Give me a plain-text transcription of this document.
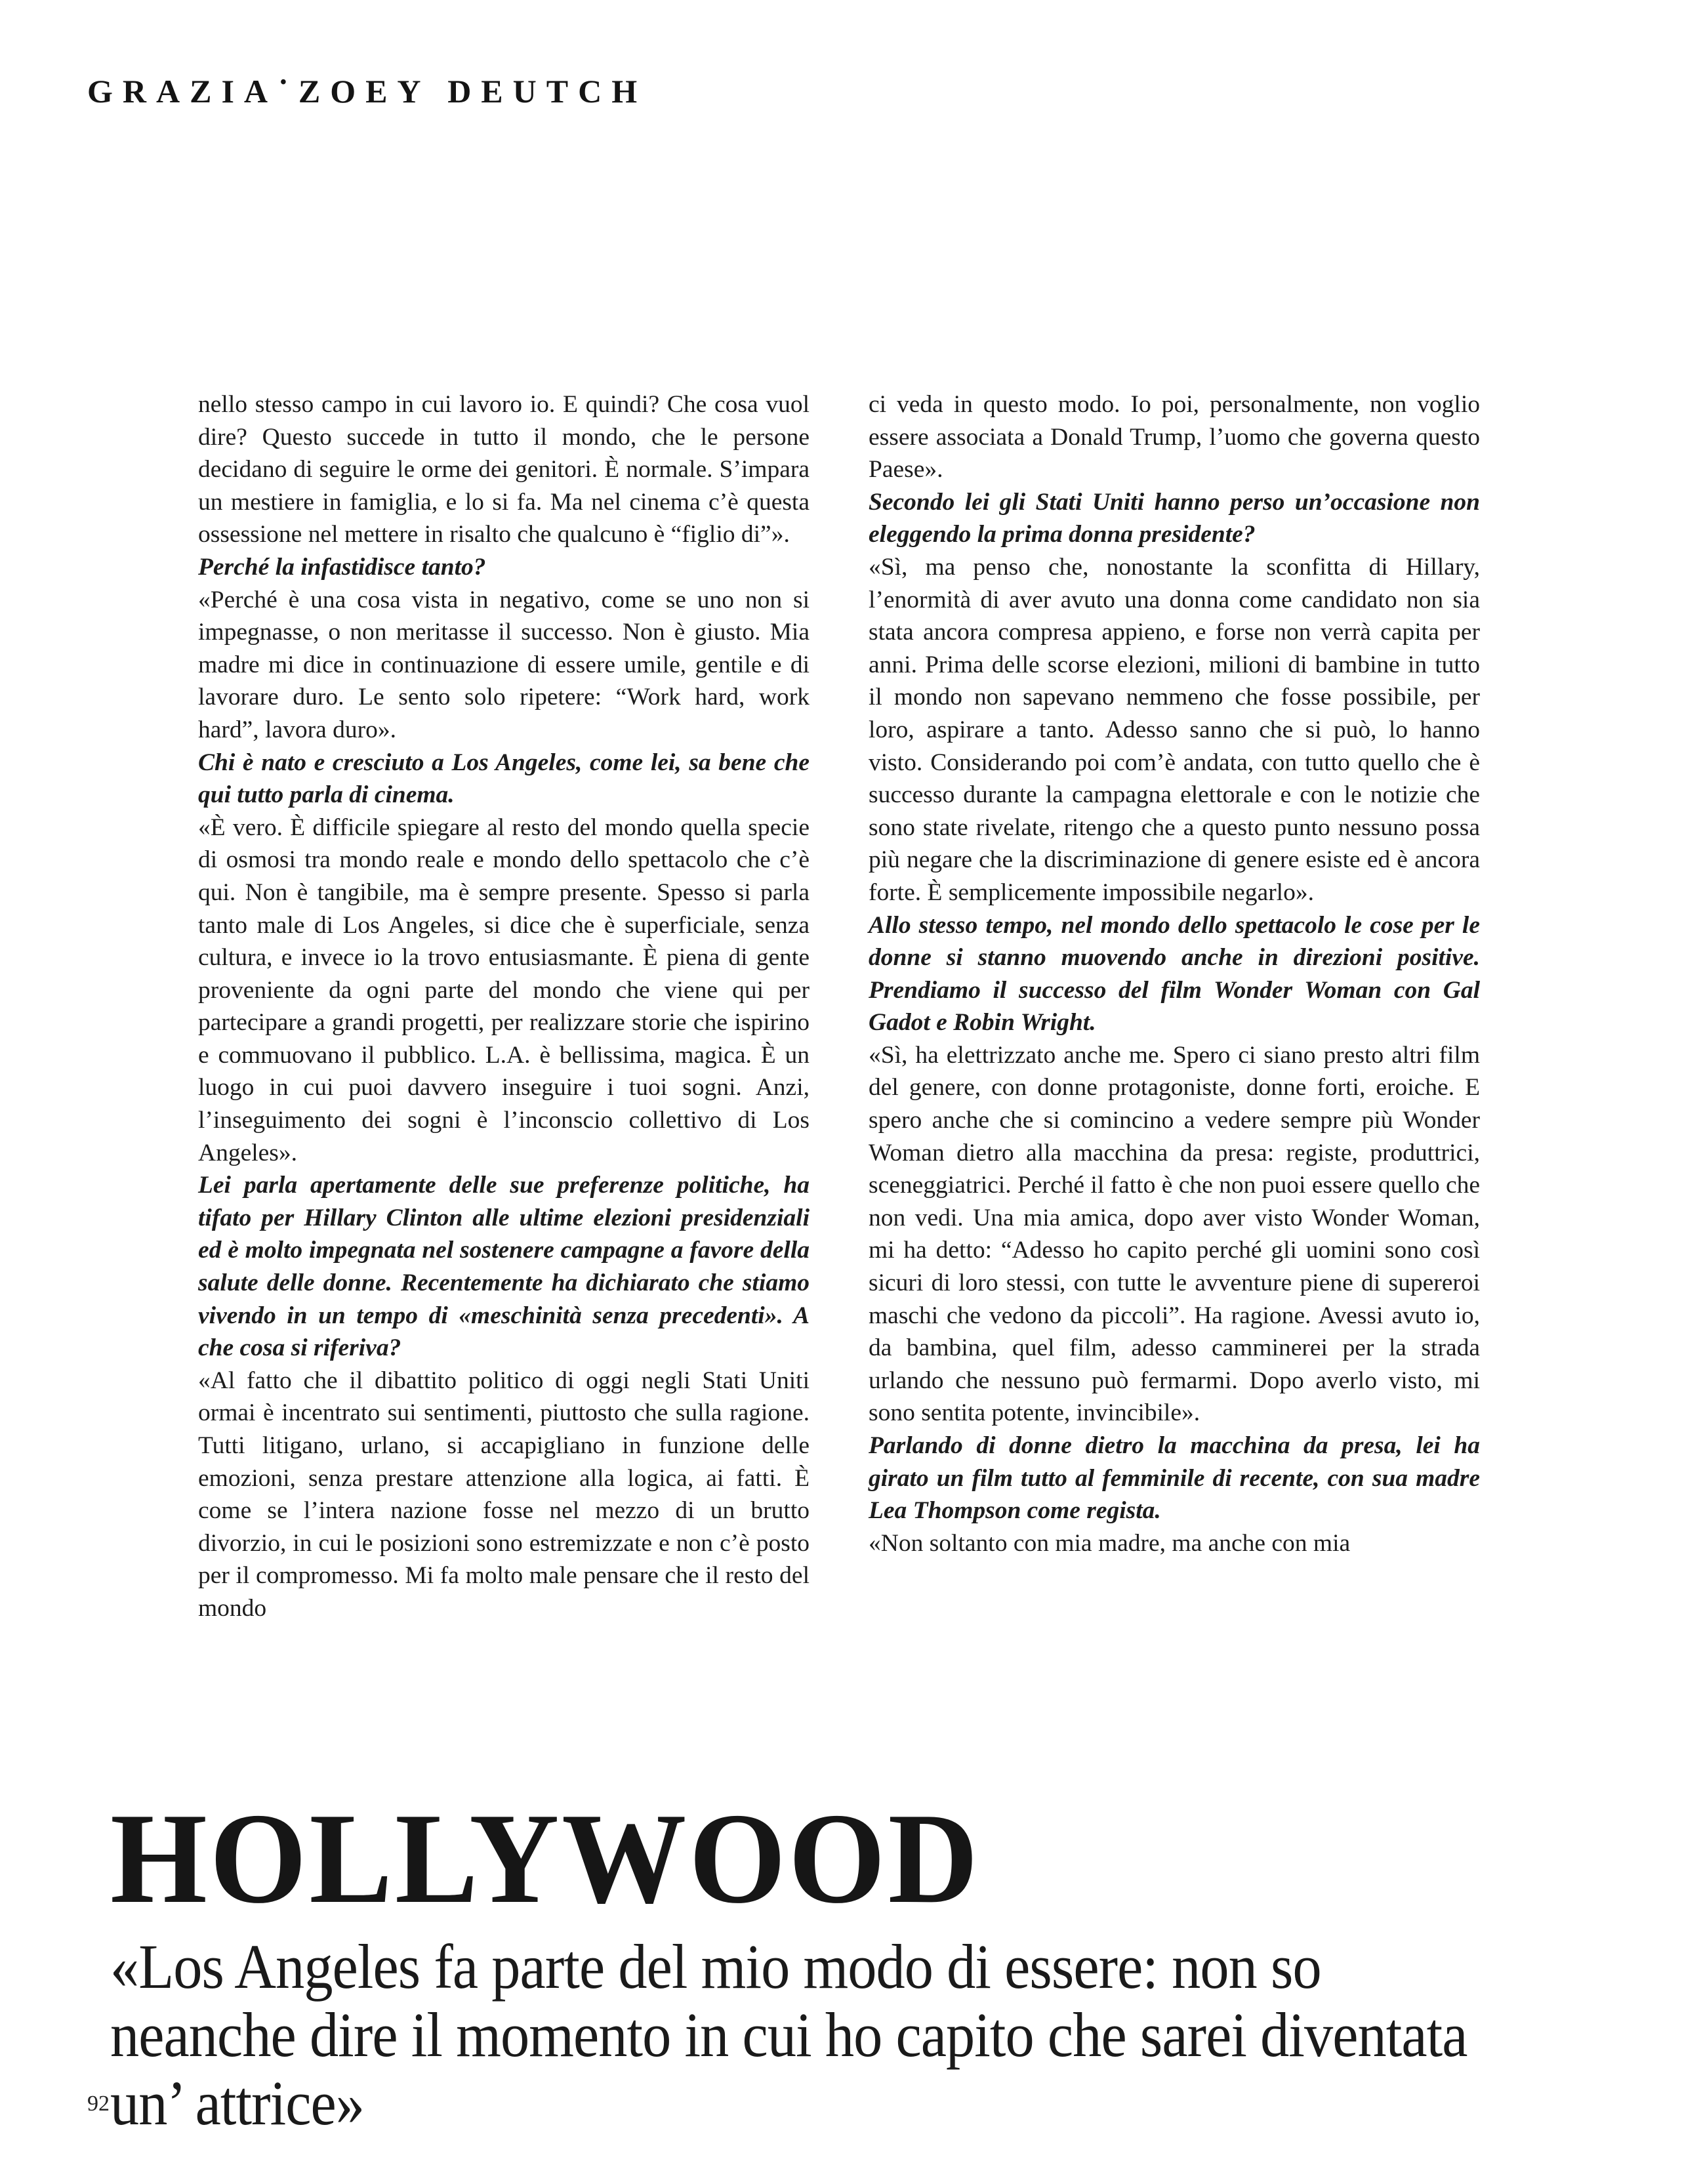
GRAZIA • ZOEY DEUTCH

nello stesso campo in cui lavoro io. E quindi? Che cosa vuol dire? Questo succede in tutto il mondo, che le persone decidano di seguire le orme dei genitori. È normale. S’impara un mestiere in famiglia, e lo si fa. Ma nel cinema c’è questa ossessione nel mettere in risalto che qualcuno è “figlio di”».

Perché la infastidisce tanto?

«Perché è una cosa vista in negativo, come se uno non si impegnasse, o non meritasse il successo. Non è giusto. Mia madre mi dice in continuazione di essere umile, gentile e di lavorare duro. Le sento solo ripetere: “Work hard, work hard”, lavora duro».

Chi è nato e cresciuto a Los Angeles, come lei, sa bene che qui tutto parla di cinema.

«È vero. È difficile spiegare al resto del mondo quella specie di osmosi tra mondo reale e mondo dello spettacolo che c’è qui. Non è tangibile, ma è sempre presente. Spesso si parla tanto male di Los Angeles, si dice che è superficiale, senza cultura, e invece io la trovo entusiasmante. È piena di gente proveniente da ogni parte del mondo che viene qui per partecipare a grandi progetti, per realizzare storie che ispirino e commuovano il pubblico. L.A. è bellissima, magica. È un luogo in cui puoi davvero inseguire i tuoi sogni. Anzi, l’inseguimento dei sogni è l’inconscio collettivo di Los Angeles».

Lei parla apertamente delle sue preferenze politiche, ha tifato per Hillary Clinton alle ultime elezioni presidenziali ed è molto impegnata nel sostenere campagne a favore della salute delle donne. Recentemente ha dichiarato che stiamo vivendo in un tempo di «meschinità senza precedenti». A che cosa si riferiva?

«Al fatto che il dibattito politico di oggi negli Stati Uniti ormai è incentrato sui sentimenti, piuttosto che sulla ragione. Tutti litigano, urlano, si accapigliano in funzione delle emozioni, senza prestare attenzione alla logica, ai fatti. È come se l’intera nazione fosse nel mezzo di un brutto divorzio, in cui le posizioni sono estremizzate e non c’è posto per il compromesso. Mi fa molto male pensare che il resto del mondo

ci veda in questo modo. Io poi, personalmente, non voglio essere associata a Donald Trump, l’uomo che governa questo Paese».

Secondo lei gli Stati Uniti hanno perso un’occasione non eleggendo la prima donna presidente?

«Sì, ma penso che, nonostante la sconfitta di Hillary, l’enormità di aver avuto una donna come candidato non sia stata ancora compresa appieno, e forse non verrà capita per anni. Prima delle scorse elezioni, milioni di bambine in tutto il mondo non sapevano nemmeno che fosse possibile, per loro, aspirare a tanto. Adesso sanno che si può, lo hanno visto. Considerando poi com’è andata, con tutto quello che è successo durante la campagna elettorale e con le notizie che sono state rivelate, ritengo che a questo punto nessuno possa più negare che la discriminazione di genere esiste ed è ancora forte. È semplicemente impossibile negarlo».

Allo stesso tempo, nel mondo dello spettacolo le cose per le donne si stanno muovendo anche in direzioni positive. Prendiamo il successo del film Wonder Woman con Gal Gadot e Robin Wright.

«Sì, ha elettrizzato anche me. Spero ci siano presto altri film del genere, con donne protagoniste, donne forti, eroiche. E spero anche che si comincino a vedere sempre più Wonder Woman dietro alla macchina da presa: registe, produttrici, sceneggiatrici. Perché il fatto è che non puoi essere quello che non vedi. Una mia amica, dopo aver visto Wonder Woman, mi ha detto: “Adesso ho capito perché gli uomini sono così sicuri di loro stessi, con tutte le avventure piene di supereroi maschi che vedono da piccoli”. Ha ragione. Avessi avuto io, da bambina, quel film, adesso camminerei per la strada urlando che nessuno può fermarmi. Dopo averlo visto, mi sono sentita potente, invincibile».

Parlando di donne dietro la macchina da presa, lei ha girato un film tutto al femminile di recente, con sua madre Lea Thompson come regista.

«Non soltanto con mia madre, ma anche con mia

HOLLYWOOD
«Los Angeles fa parte del mio modo di essere: non so neanche dire il momento in cui ho capito che sarei diventata un’ attrice»
92
